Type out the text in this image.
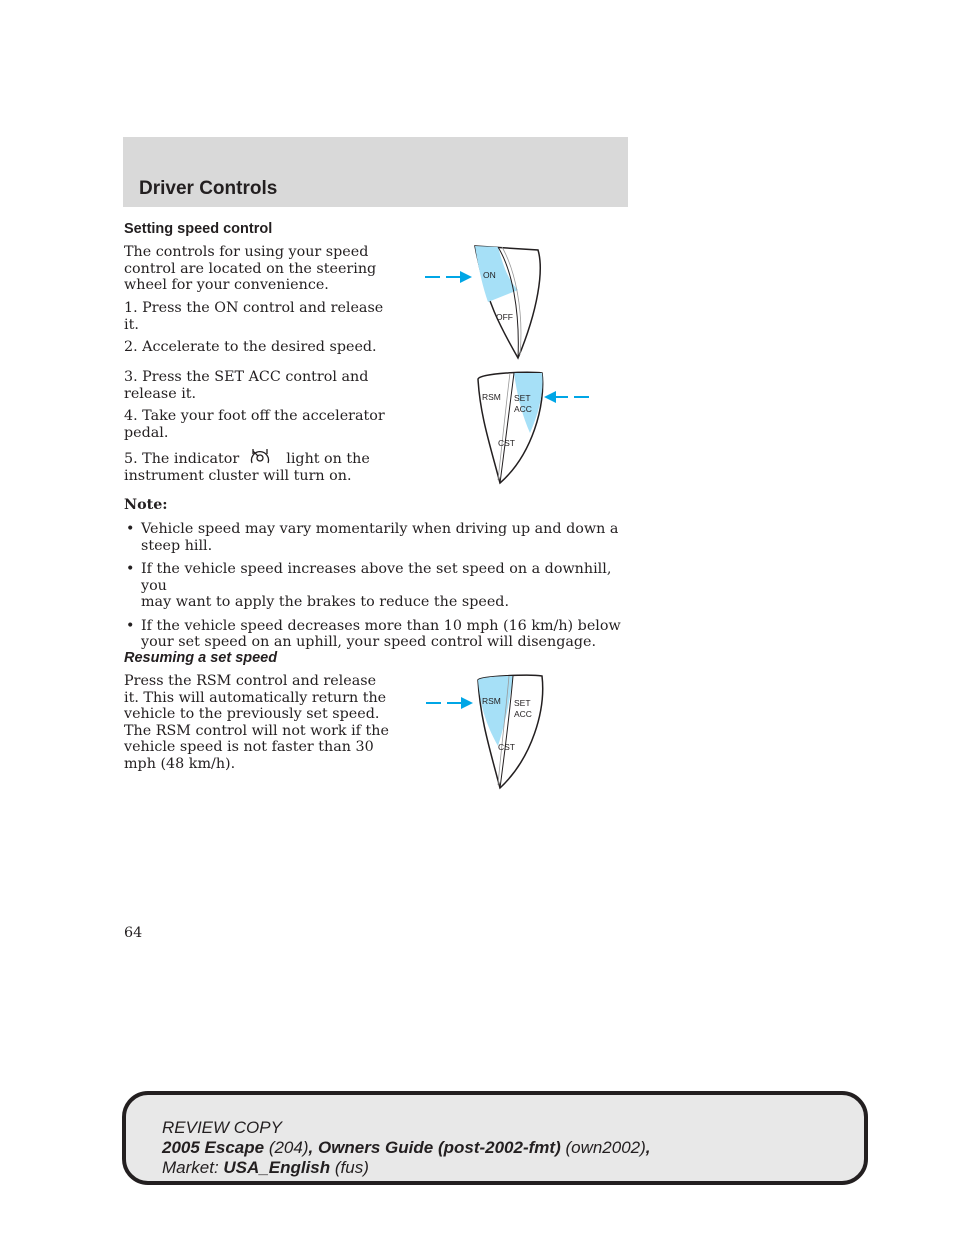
Driver Controls
Setting speed control

The controls for using your speed
control are located on the steering
wheel for your convenience.

1. Press the ON control and release
it.

2. Accelerate to the desired speed.

3. Press the SET ACC control and
release it.

4. Take your foot off the accelerator
pedal.

5. The indicator	light on the
instrument cluster will turn on.

ON
OFF
RSM SET
ACC
CST
Note:
• Vehicle speed may vary momentarily when driving up and down a
steep hill.
• If the vehicle speed increases above the set speed on a downhill, you
may want to apply the brakes to reduce the speed.
• If the vehicle speed decreases more than 10 mph (16 km/h) below
your set speed on an uphill, your speed control will disengage.
Resuming a set speed

Press the RSM control and release
it. This will automatically return the
vehicle to the previously set speed.
The RSM control will not work if the
vehicle speed is not faster than 30
mph (48 km/h).

RSM SET
ACC
CST
64
REVIEW COPY
2005 Escape (204), Owners Guide (post-2002-fmt) (own2002),
Market: USA_English (fus)
